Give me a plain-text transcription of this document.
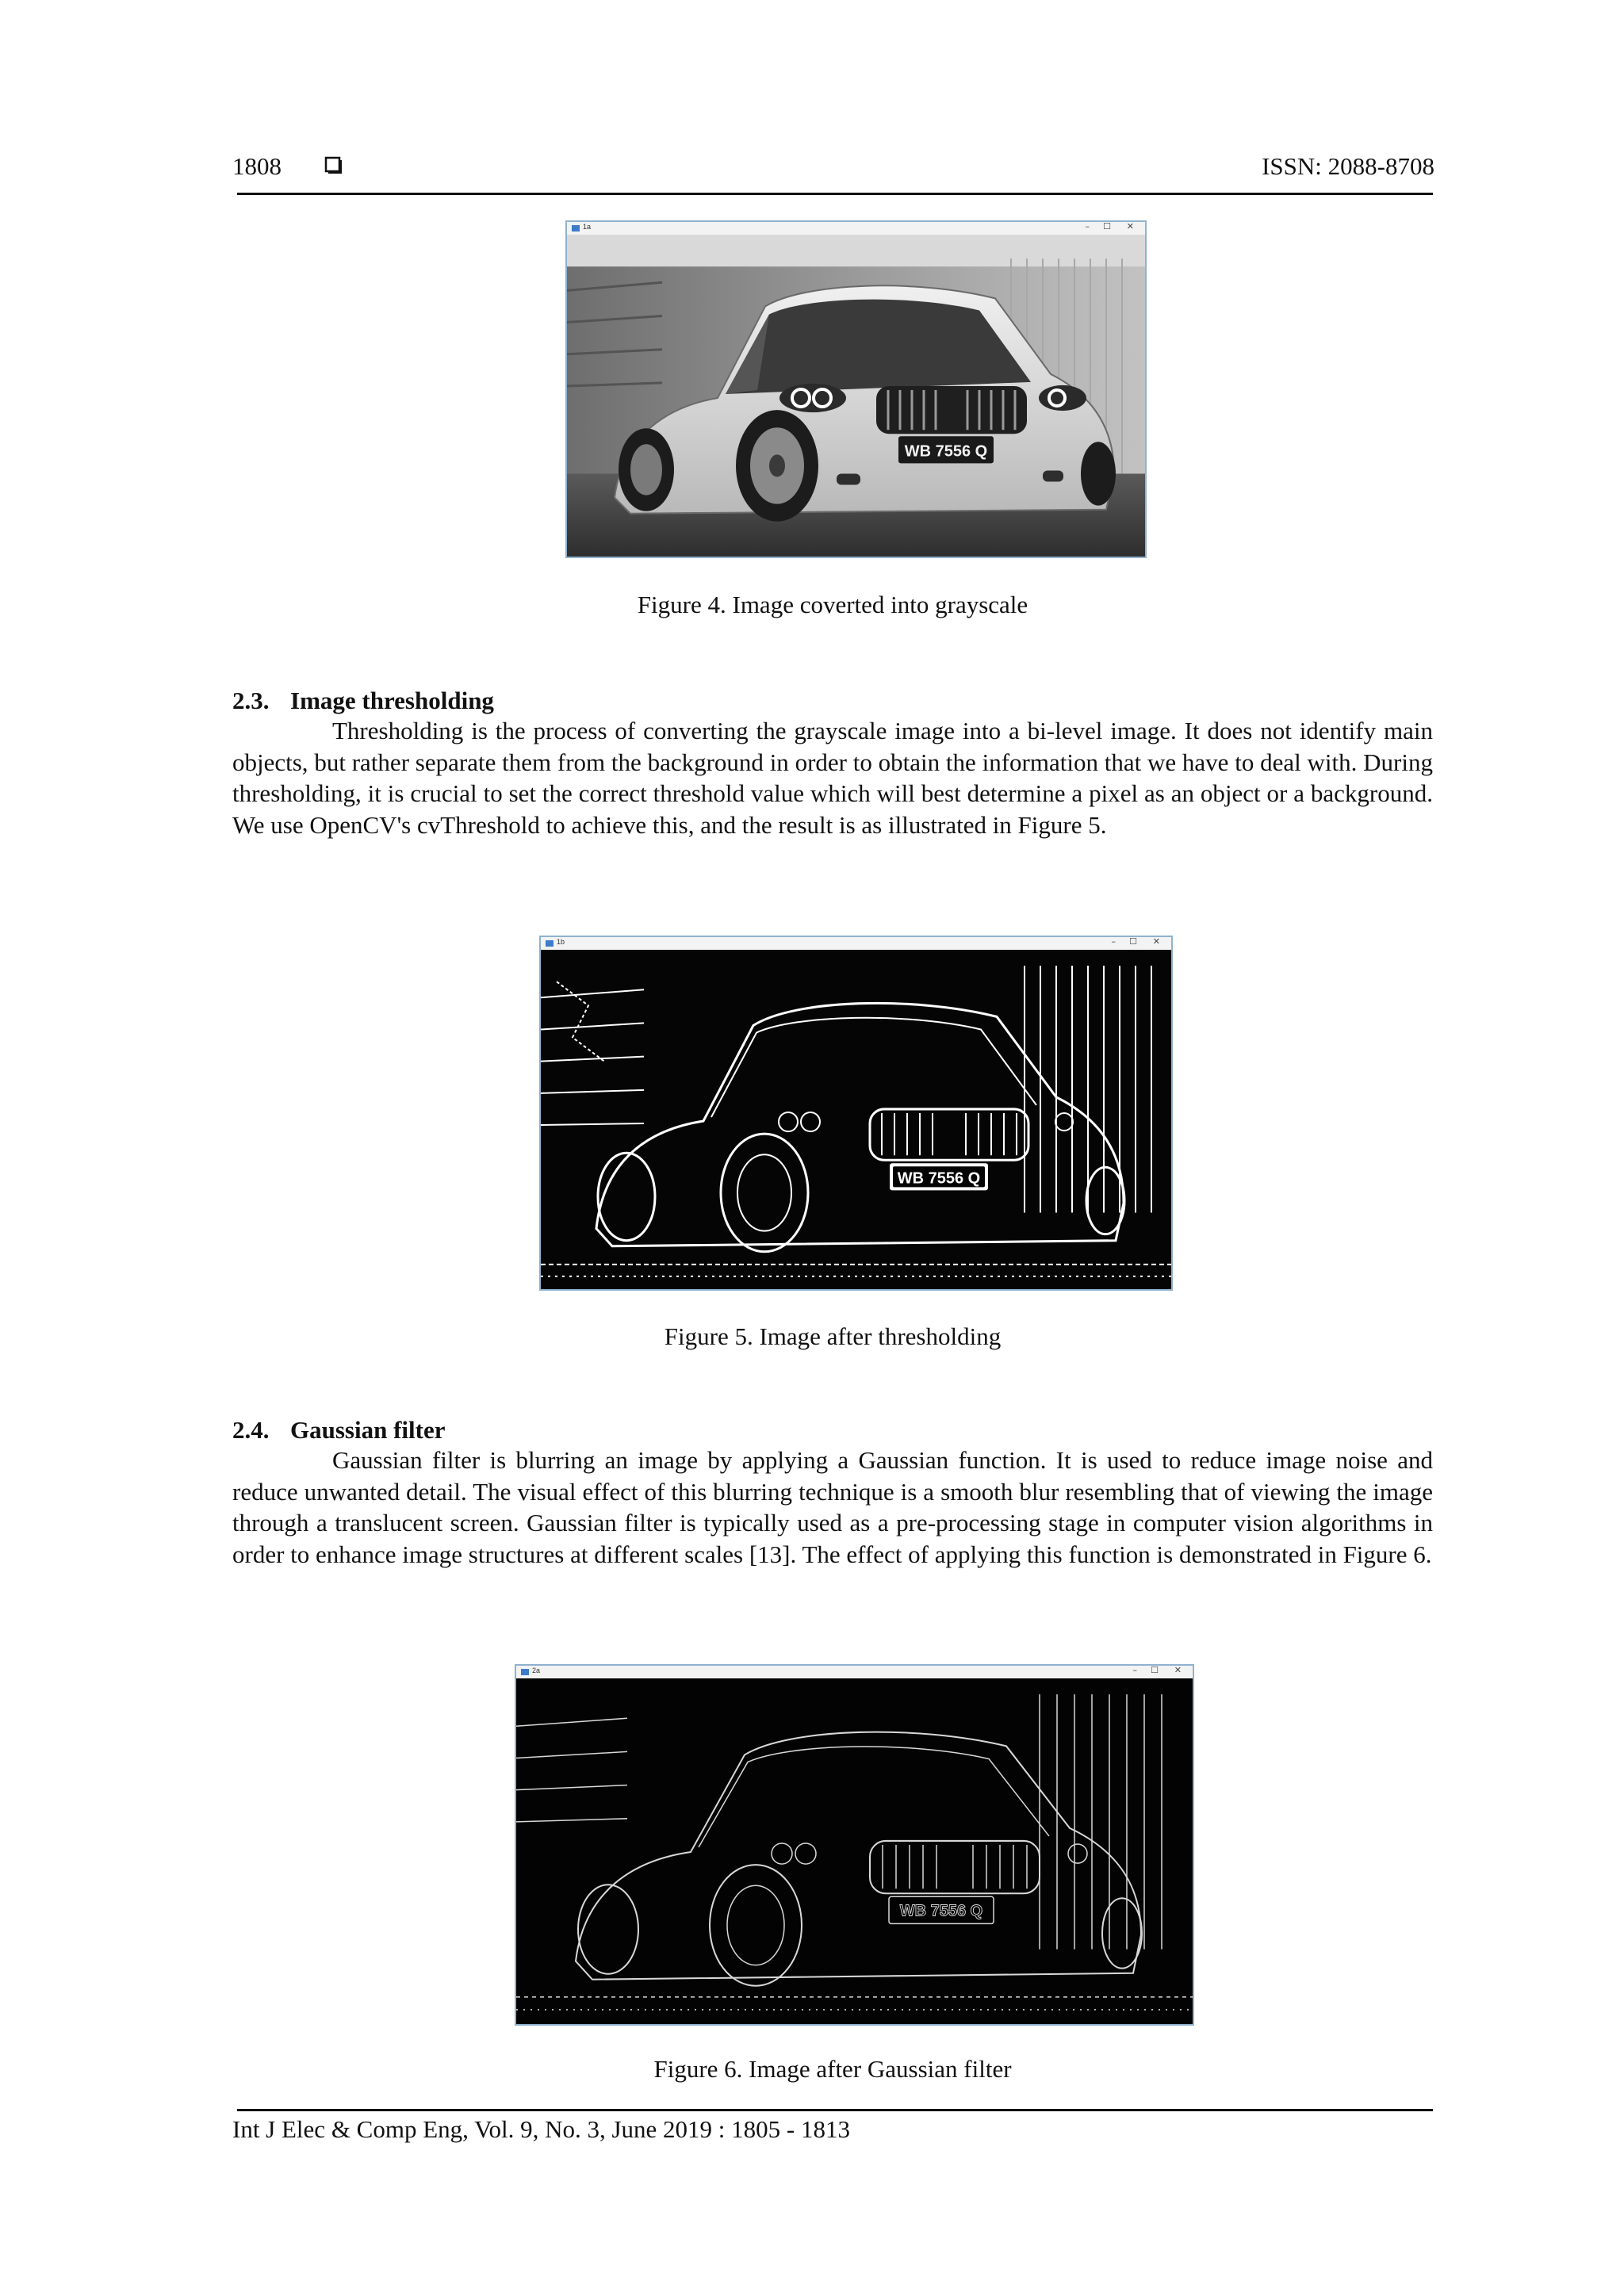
1808	ISSN: 2088-8708
1a	– ☐ ✕
WB 7556 Q
Figure 4. Image coverted into grayscale
2.3. Image thresholding

Thresholding is the process of converting the grayscale image into a bi-level image. It does not identify main objects, but rather separate them from the background in order to obtain the information that we have to deal with. During thresholding, it is crucial to set the correct threshold value which will best determine a pixel as an object or a background. We use OpenCV's cvThreshold to achieve this, and the result is as illustrated in Figure 5.

1b	– ☐ ✕
WB 7556 Q
Figure 5. Image after thresholding
2.4. Gaussian filter

Gaussian filter is blurring an image by applying a Gaussian function. It is used to reduce image noise and reduce unwanted detail. The visual effect of this blurring technique is a smooth blur resembling that of viewing the image through a translucent screen. Gaussian filter is typically used as a pre-processing stage in computer vision algorithms in order to enhance image structures at different scales [13]. The effect of applying this function is demonstrated in Figure 6.

2a	– ☐ ✕
WB 7556 Q
Figure 6. Image after Gaussian filter
Int J Elec & Comp Eng, Vol. 9, No. 3, June 2019 : 1805 - 1813
